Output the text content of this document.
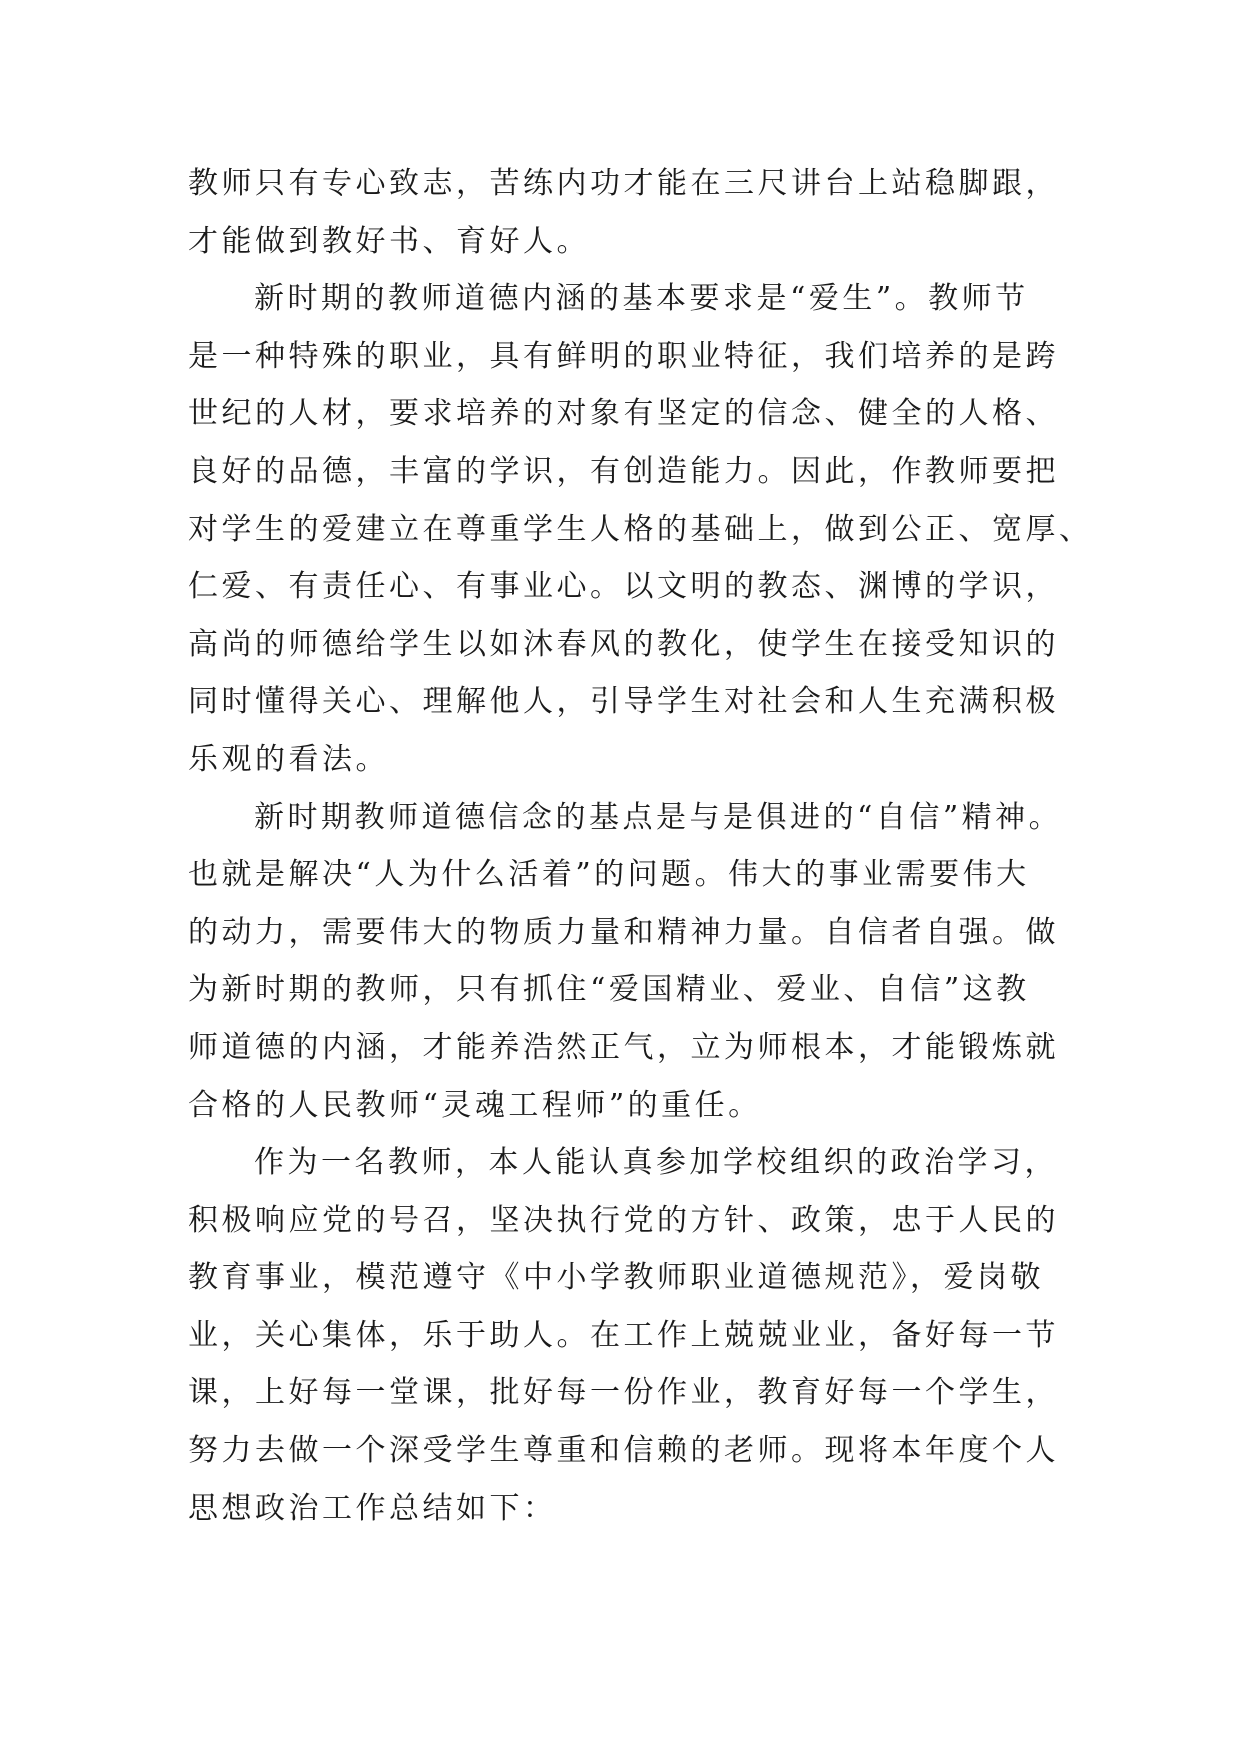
教师只有专心致志，苦练内功才能在三尺讲台上站稳脚跟，
才能做到教好书、育好人。
新时期的教师道德内涵的基本要求是“爱生”。教师节
是一种特殊的职业，具有鲜明的职业特征，我们培养的是跨
世纪的人材，要求培养的对象有坚定的信念、健全的人格、
良好的品德，丰富的学识，有创造能力。因此，作教师要把
对学生的爱建立在尊重学生人格的基础上，做到公正、宽厚、
仁爱、有责任心、有事业心。以文明的教态、渊博的学识，
高尚的师德给学生以如沐春风的教化，使学生在接受知识的
同时懂得关心、理解他人，引导学生对社会和人生充满积极
乐观的看法。
新时期教师道德信念的基点是与是俱进的“自信”精神。
也就是解决“人为什么活着”的问题。伟大的事业需要伟大
的动力，需要伟大的物质力量和精神力量。自信者自强。做
为新时期的教师，只有抓住“爱国精业、爱业、自信”这教
师道德的内涵，才能养浩然正气，立为师根本，才能锻炼就
合格的人民教师“灵魂工程师”的重任。
作为一名教师，本人能认真参加学校组织的政治学习，
积极响应党的号召，坚决执行党的方针、政策，忠于人民的
教育事业，模范遵守《中小学教师职业道德规范》，爱岗敬
业，关心集体，乐于助人。在工作上兢兢业业，备好每一节
课，上好每一堂课，批好每一份作业，教育好每一个学生，
努力去做一个深受学生尊重和信赖的老师。现将本年度个人
思想政治工作总结如下：
